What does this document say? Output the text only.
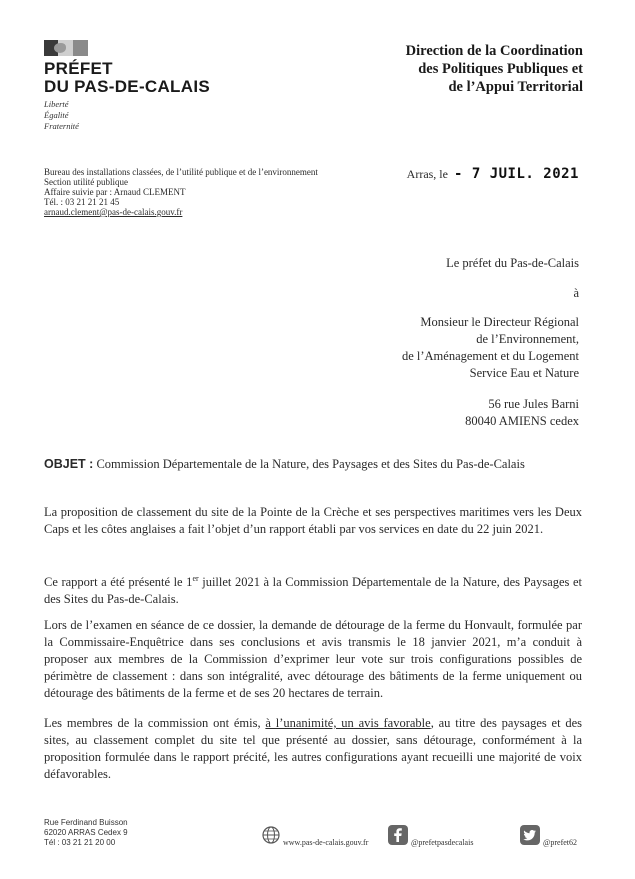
PRÉFET
DU PAS-DE-CALAIS
Liberté
Égalité
Fraternité
Direction de la Coordination
des Politiques Publiques et
de l’Appui Territorial
Bureau des installations classées, de l’utilité publique et de l’environnement
Section utilité publique
Affaire suivie par : Arnaud CLEMENT
Tél. : 03 21 21 21 45
arnaud.clement@pas-de-calais.gouv.fr
Arras, le - 7 JUIL. 2021
Le préfet du Pas-de-Calais
à
Monsieur le Directeur Régional
de l’Environnement,
de l’Aménagement et du Logement
Service Eau et Nature
56 rue Jules Barni
80040 AMIENS cedex
OBJET : Commission Départementale de la Nature, des Paysages et des Sites du Pas-de-Calais

La proposition de classement du site de la Pointe de la Crèche et ses perspectives maritimes vers les Deux Caps et les côtes anglaises a fait l’objet d’un rapport établi par vos services en date du 22 juin 2021.

Ce rapport a été présenté le 1er juillet 2021 à la Commission Départementale de la Nature, des Paysages et des Sites du Pas-de-Calais.

Lors de l’examen en séance de ce dossier, la demande de détourage de la ferme du Honvault, formulée par la Commissaire-Enquêtrice dans ses conclusions et avis transmis le 18 janvier 2021, m’a conduit à proposer aux membres de la Commission d’exprimer leur vote sur trois configurations possibles de périmètre de classement : dans son intégralité, avec détourage des bâtiments de la ferme uniquement ou détourage des bâtiments de la ferme et de ses 20 hectares de terrain.

Les membres de la commission ont émis, à l’unanimité, un avis favorable, au titre des paysages et des sites, au classement complet du site tel que présenté au dossier, sans détourage, conformément à la proposition formulée dans le rapport précité, les autres configurations ayant recueilli une majorité de voix défavorables.

Rue Ferdinand Buisson
62020 ARRAS Cedex 9
Tél : 03 21 21 20 00	www.pas-de-calais.gouv.fr	@prefetpasdecalais	@prefet62
